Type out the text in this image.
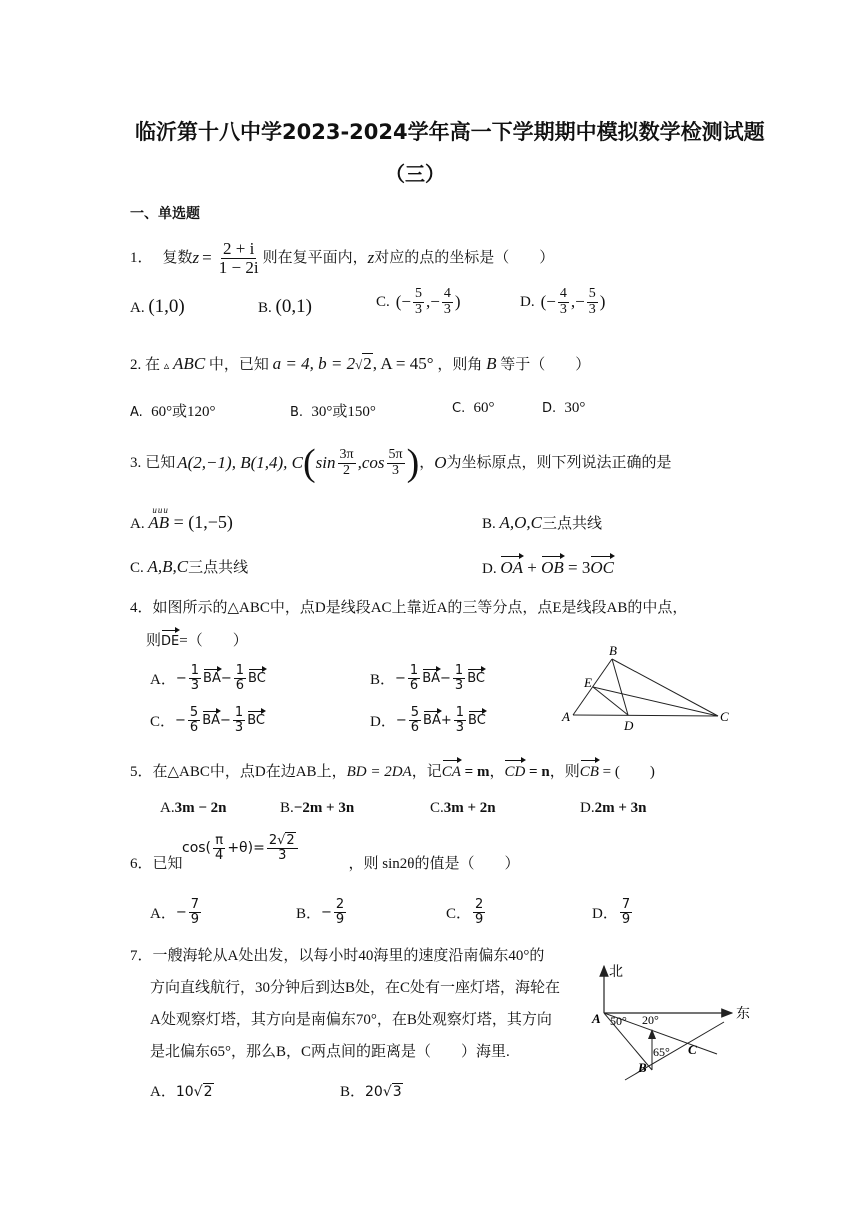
临沂第十八中学2023-2024学年高一下学期期中模拟数学检测试题
（三）
一、单选题
1． 复数 $z = \frac{2 + i}{1 - 2i}$ 则在复平面内， z 对应的点的坐标是（　　）
A. (1,0)	B. (0,1)	C. (− $\frac{5}{3}$ ,− $\frac{4}{3}$ )	D. (− $\frac{4}{3}$ ,− $\frac{5}{3}$ )
2. 在 ▵ ABC 中，已知 a = 4, b = 2√2, A = 45° ，则角 B 等于（　　）
A. 60°或120°	B. 30°或150°	C. 60°	D. 30°
3. 已知 A(2,−1), B(1,4), C ( $\sin \frac{3\pi}{2} ,\cos \frac{5\pi}{3}$ ) ， O 为坐标原点，则下列说法正确的是
A.
uuu
AB = (1,−5)	B. A,O,C三点共线
C. A,B,C三点共线	D. OA + OB = 3OC
4．如图所示的△ABC中，点D是线段AC上靠近A的三等分点，点E是线段AB的中点，
则DE=（　　）
A． − $\frac{1}{3}$ BA − $\frac{1}{6}$ BC	B． − $\frac{1}{6}$ BA − $\frac{1}{3}$ BC
C． − $\frac{5}{6}$ BA − $\frac{1}{3}$ BC	D． − $\frac{5}{6}$ BA + $\frac{1}{3}$ BC
B
E
A
D
C
5．在△ABC中，点D在边AB上，BD = 2DA，记CA = m，CD = n，则CB = (　　)
A.3m − 2n	B.−2m + 3n	C.3m + 2n	D.2m + 3n
$\cos( \frac{\pi}{4} +\theta)= \frac{2√2}{3}$
6．已知	，则 sin2θ的值是（　　）
A． − $\frac{7}{9}$	B． − $\frac{2}{9}$	C． $\frac{2}{9}$	D． $\frac{7}{9}$
7．一艘海轮从A处出发，以每小时40海里的速度沿南偏东40°的
方向直线航行，30分钟后到达B处，在C处有一座灯塔，海轮在
A处观察灯塔，其方向是南偏东70°，在B处观察灯塔，其方向
是北偏东65°，那么B，C两点间的距离是（　　）海里.
A．10√2	B．20√3
北
东
A 50° 20°
65° C
B
